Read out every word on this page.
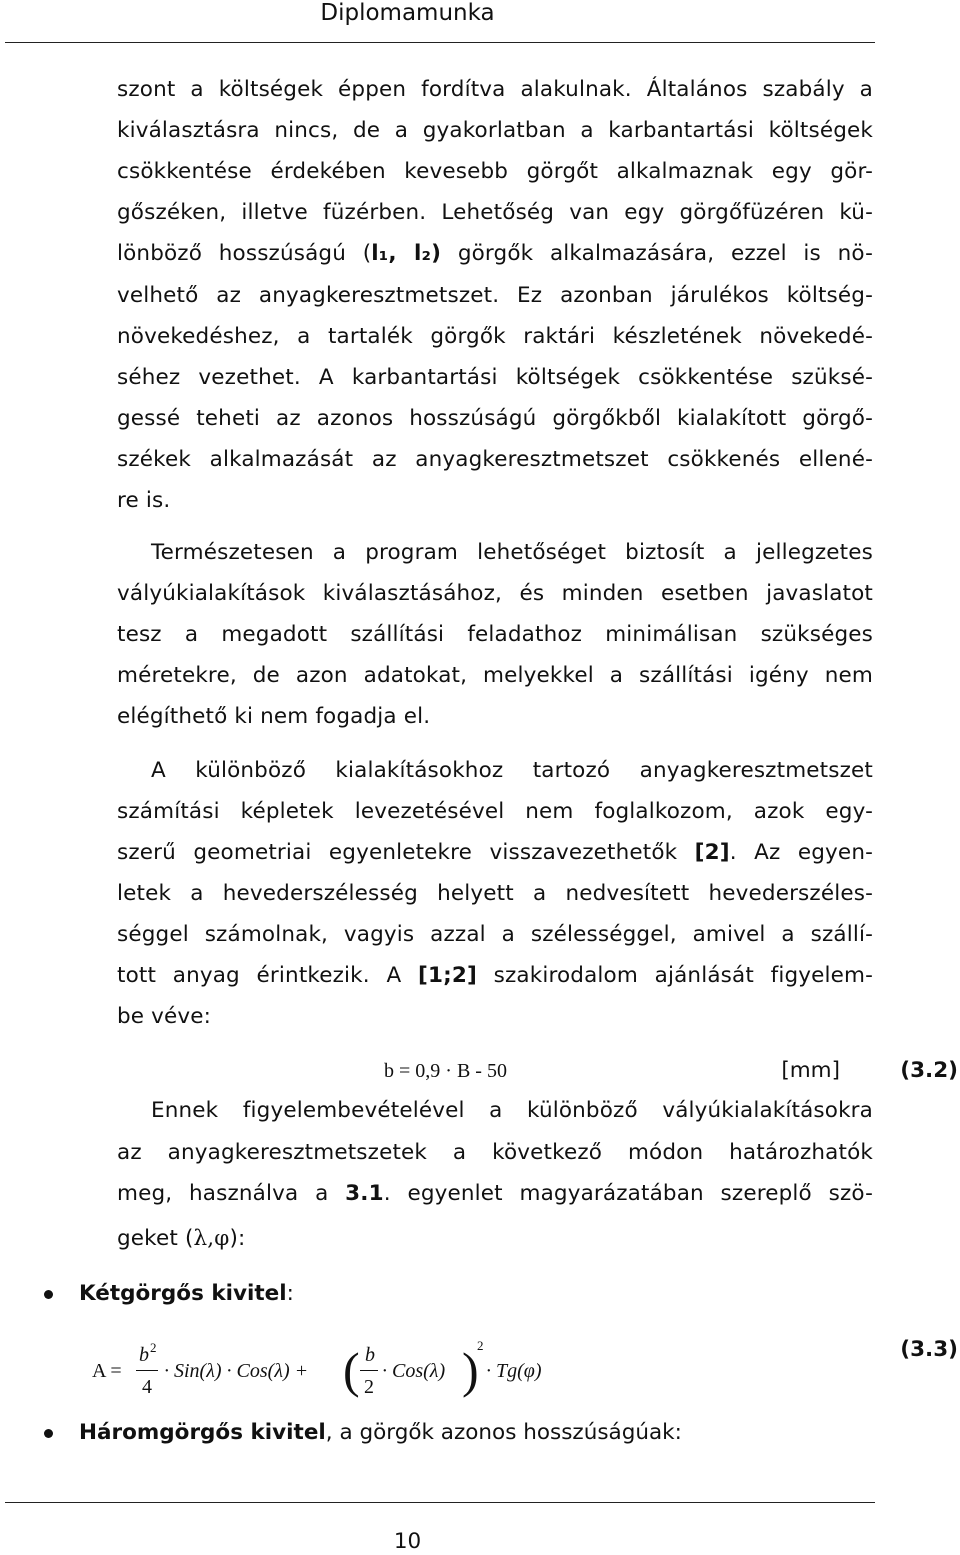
Diplomamunka
szont a költségek éppen fordítva alakulnak. Általános szabály a
kiválasztásra nincs, de a gyakorlatban a karbantartási költségek
csökkentése érdekében kevesebb görgőt alkalmaznak egy gör-
gőszéken, illetve füzérben. Lehetőség van egy görgőfüzéren kü-
lönböző hosszúságú (l₁, l₂) görgők alkalmazására, ezzel is nö-
velhető az anyagkeresztmetszet. Ez azonban járulékos költség-
növekedéshez, a tartalék görgők raktári készletének növekedé-
séhez vezethet. A karbantartási költségek csökkentése szüksé-
gessé teheti az azonos hosszúságú görgőkből kialakított görgő-
székek alkalmazását az anyagkeresztmetszet csökkenés ellené-
re is.
Természetesen a program lehetőséget biztosít a jellegzetes
vályúkialakítások kiválasztásához, és minden esetben javaslatot
tesz a megadott szállítási feladathoz minimálisan szükséges
méretekre, de azon adatokat, melyekkel a szállítási igény nem
elégíthető ki nem fogadja el.
A különböző kialakításokhoz tartozó anyagkeresztmetszet
számítási képletek levezetésével nem foglalkozom, azok egy-
szerű geometriai egyenletekre visszavezethetők [2]. Az egyen-
letek a hevederszélesség helyett a nedvesített hevederszéles-
séggel számolnak, vagyis azzal a szélességgel, amivel a szállí-
tott anyag érintkezik. A [1;2] szakirodalom ajánlását figyelem-
be véve:
Ennek figyelembevételével a különböző vályúkialakításokra
az anyagkeresztmetszetek a következő módon határozhatók
meg, használva a 3.1. egyenlet magyarázatában szereplő szö-
geket (λ,φ):
b = 0,9 · B - 50	[mm]	(3.2)
Kétgörgős kivitel:
A =
b 2
4
· Sin(λ) · Cos(λ) + ( b
2
· Cos(λ) )
2
· Tg(φ)
(3.3)
Háromgörgős kivitel, a görgők azonos hosszúságúak:
10
